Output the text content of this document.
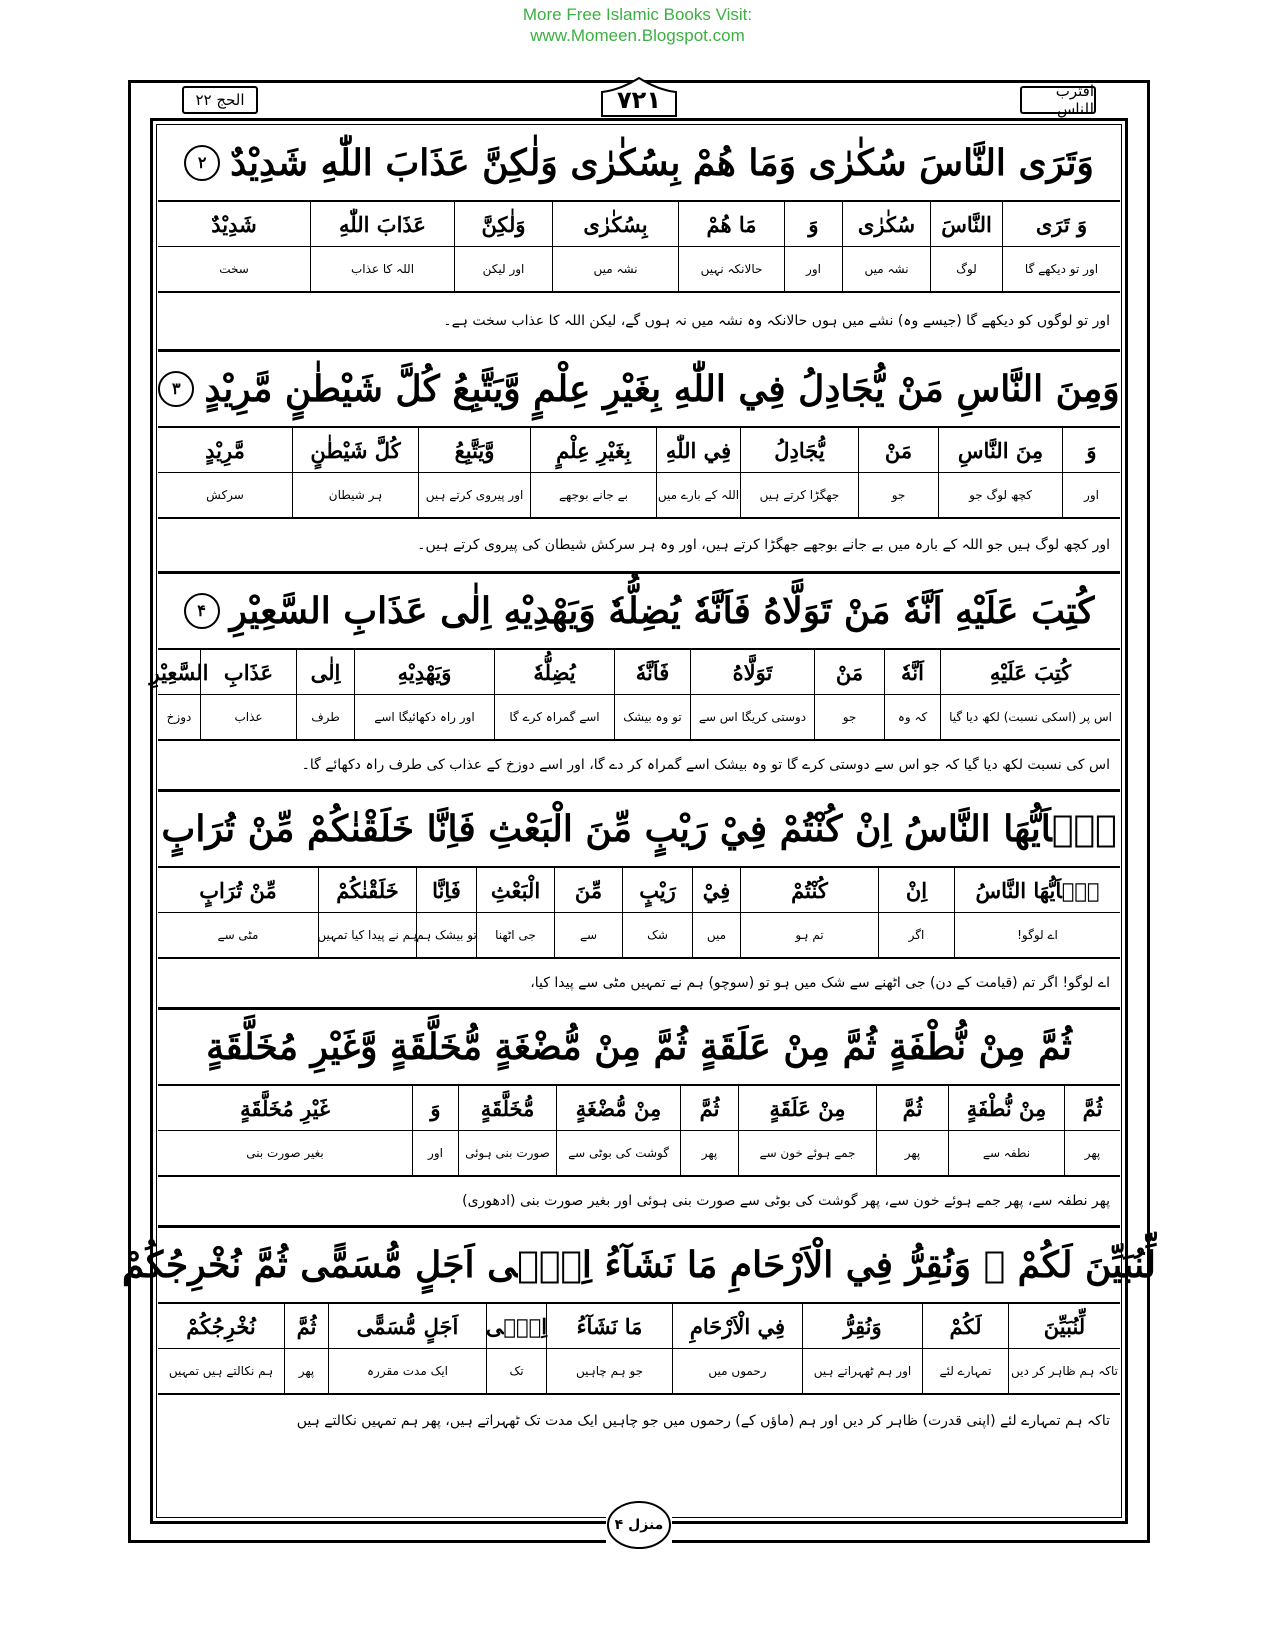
More Free Islamic Books Visit:
www.Momeen.Blogspot.com
الحج ۲۲	اقترب للناس
۷۲۱
وَتَرَى النَّاسَ سُكٰرٰى وَمَا هُمْ بِسُكٰرٰى وَلٰكِنَّ عَذَابَ اللّٰهِ شَدِيْدٌ
۲
وَ تَرَى
النَّاسَ
سُكٰرٰى
وَ
مَا هُمْ
بِسُكٰرٰى
وَلٰكِنَّ
عَذَابَ اللّٰهِ
شَدِيْدٌ
اور تو دیکھے گا
لوگ
نشہ میں
اور
حالانکہ نہیں
نشہ میں
اور لیکن
اللہ کا عذاب
سخت
اور تو لوگوں کو دیکھے گا (جیسے وہ) نشے میں ہوں حالانکہ وہ نشہ میں نہ ہوں گے، لیکن اللہ کا عذاب سخت ہے۔
وَمِنَ النَّاسِ مَنْ يُّجَادِلُ فِي اللّٰهِ بِغَيْرِ عِلْمٍ وَّيَتَّبِعُ كُلَّ شَيْطٰنٍ مَّرِيْدٍ
۳
وَ
مِنَ النَّاسِ
مَنْ
يُّجَادِلُ
فِي اللّٰهِ
بِغَيْرِ عِلْمٍ
وَّيَتَّبِعُ
كُلَّ شَيْطٰنٍ
مَّرِيْدٍ
اور
کچھ لوگ جو
جو
جھگڑا کرتے ہیں
اللہ کے بارے میں
بے جانے بوجھے
اور پیروی کرتے ہیں
ہر شیطان
سرکش
اور کچھ لوگ ہیں جو اللہ کے بارہ میں بے جانے بوجھے جھگڑا کرتے ہیں، اور وہ ہر سرکش شیطان کی پیروی کرتے ہیں۔
كُتِبَ عَلَيْهِ اَنَّهٗ مَنْ تَوَلَّاهُ فَاَنَّهٗ يُضِلُّهٗ وَيَهْدِيْهِ اِلٰى عَذَابِ السَّعِيْرِ
۴
كُتِبَ عَلَيْهِ
اَنَّهٗ
مَنْ
تَوَلَّاهُ
فَاَنَّهٗ
يُضِلُّهٗ
وَيَهْدِيْهِ
اِلٰى
عَذَابِ
السَّعِيْرِ
اس پر (اسکی نسبت) لکھ دیا گیا
کہ وہ
جو
دوستی کریگا اس سے
تو وہ بیشک
اسے گمراہ کرے گا
اور راہ دکھائیگا اسے
طرف
عذاب
دوزخ
اس کی نسبت لکھ دیا گیا کہ جو اس سے دوستی کرے گا تو وہ بیشک اسے گمراہ کر دے گا، اور اسے دوزخ کے عذاب کی طرف راہ دکھائے گا۔
يٰۤاَيُّهَا النَّاسُ اِنْ كُنْتُمْ فِيْ رَيْبٍ مِّنَ الْبَعْثِ فَاِنَّا خَلَقْنٰكُمْ مِّنْ تُرَابٍ
يٰۤاَيُّهَا النَّاسُ
اِنْ
كُنْتُمْ
فِيْ
رَيْبٍ
مِّنَ
الْبَعْثِ
فَاِنَّا
خَلَقْنٰكُمْ
مِّنْ تُرَابٍ
اے لوگو!
اگر
تم ہو
میں
شک
سے
جی اٹھنا
تو بیشک ہم
ہم نے پیدا کیا تمہیں
مٹی سے
اے لوگو! اگر تم (قیامت کے دن) جی اٹھنے سے شک میں ہو تو (سوچو) ہم نے تمہیں مٹی سے پیدا کیا،
ثُمَّ مِنْ نُّطْفَةٍ ثُمَّ مِنْ عَلَقَةٍ ثُمَّ مِنْ مُّضْغَةٍ مُّخَلَّقَةٍ وَّغَيْرِ مُخَلَّقَةٍ
ثُمَّ
مِنْ نُّطْفَةٍ
ثُمَّ
مِنْ عَلَقَةٍ
ثُمَّ
مِنْ مُّضْغَةٍ
مُّخَلَّقَةٍ
وَ
غَيْرِ مُخَلَّقَةٍ
پھر
نطفہ سے
پھر
جمے ہوئے خون سے
پھر
گوشت کی بوٹی سے
صورت بنی ہوئی
اور
بغیر صورت بنی
پھر نطفہ سے، پھر جمے ہوئے خون سے، پھر گوشت کی بوٹی سے صورت بنی ہوئی اور بغیر صورت بنی (ادھوری)
لِّنُبَيِّنَ لَكُمْ ۗ وَنُقِرُّ فِي الْاَرْحَامِ مَا نَشَآءُ اِلٰۤى اَجَلٍ مُّسَمًّى ثُمَّ نُخْرِجُكُمْ
لِّنُبَيِّنَ
لَكُمْ
وَنُقِرُّ
فِي الْاَرْحَامِ
مَا نَشَآءُ
اِلٰۤى
اَجَلٍ مُّسَمًّى
ثُمَّ
نُخْرِجُكُمْ
تاکہ ہم ظاہر کر دیں
تمہارے لئے
اور ہم ٹھہراتے ہیں
رحموں میں
جو ہم چاہیں
تک
ایک مدت مقررہ
پھر
ہم نکالتے ہیں تمہیں
تاکہ ہم تمہارے لئے (اپنی قدرت) ظاہر کر دیں اور ہم (ماؤں کے) رحموں میں جو چاہیں ایک مدت تک ٹھہراتے ہیں، پھر ہم تمہیں نکالتے ہیں
منزل ۴
